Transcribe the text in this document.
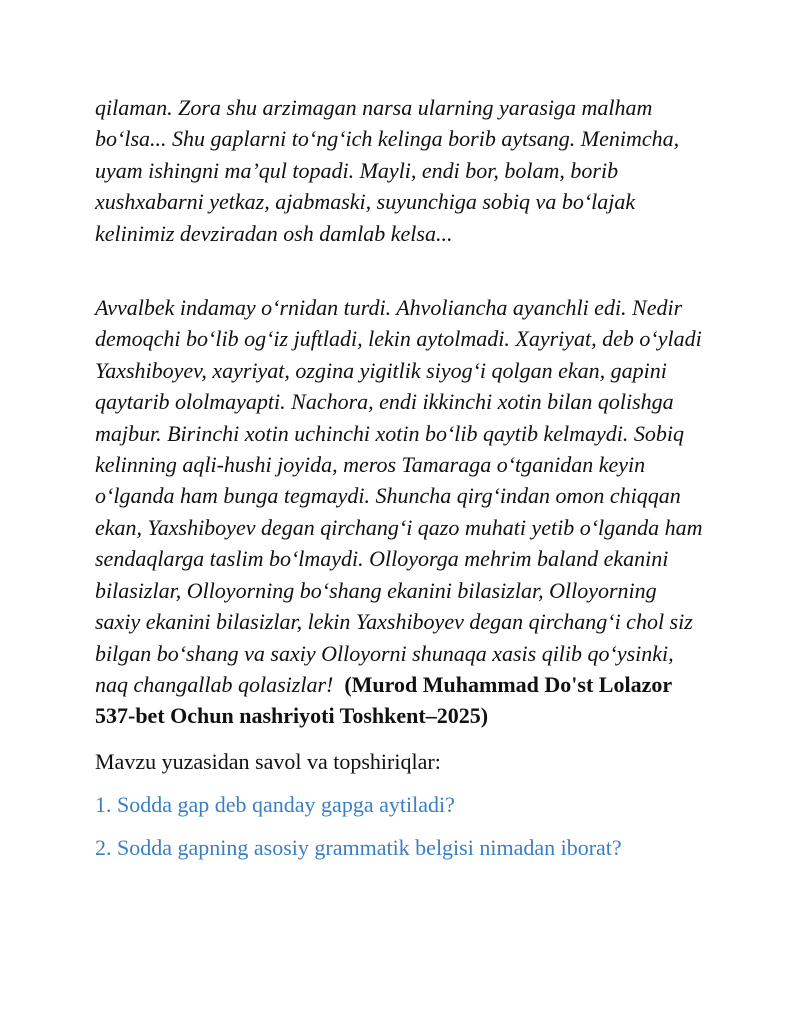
qilaman. Zora shu arzimagan narsa ularning yarasiga malham bo‘lsa... Shu gaplarni to‘ng‘ich kelinga borib aytsang. Menimcha, uyam ishingni ma’qul topadi. Mayli, endi bor, bolam, borib xushxabarni yetkaz, ajabmaski, suyunchiga sobiq va bo‘lajak kelinimiz devziradan osh damlab kelsa...

Avvalbek indamay o‘rnidan turdi. Ahvoliancha ayanchli edi. Nedir demoqchi bo‘lib og‘iz juftladi, lekin aytolmadi. Xayriyat, deb o‘yladi Yaxshiboyev, xayriyat, ozgina yigitlik siyog‘i qolgan ekan, gapini qaytarib ololmayapti. Nachora, endi ikkinchi xotin bilan qolishga majbur. Birinchi xotin uchinchi xotin bo‘lib qaytib kelmaydi. Sobiq kelinning aqli-hushi joyida, meros Tamaraga o‘tganidan keyin o‘lganda ham bunga tegmaydi. Shuncha qirg‘indan omon chiqqan ekan, Yaxshiboyev degan qirchang‘i qazo muhati yetib o‘lganda ham sendaqlarga taslim bo‘lmaydi. Olloyorga mehrim baland ekanini bilasizlar, Olloyorning bo‘shang ekanini bilasizlar, Olloyorning saxiy ekanini bilasizlar, lekin Yaxshiboyev degan qirchang‘i chol siz bilgan bo‘shang va saxiy Olloyorni shunaqa xasis qilib qo‘ysinki, naq changallab qolasizlar! (Murod Muhammad Do'st Lolazor 537-bet Ochun nashriyoti Toshkent–2025)

Mavzu yuzasidan savol va topshiriqlar:

1. Sodda gap deb qanday gapga aytiladi?

2. Sodda gapning asosiy grammatik belgisi nimadan iborat?
